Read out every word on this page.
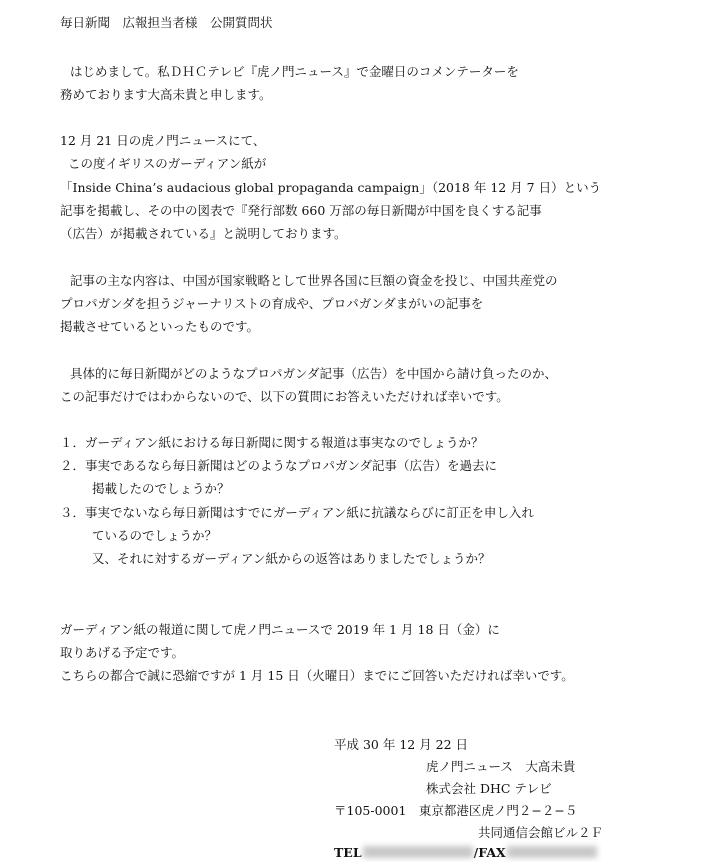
毎日新聞　広報担当者様　公開質問状
はじめまして。私ＤＨＣテレビ『虎ノ門ニュース』で金曜日のコメンテーターを
務めております大高未貴と申します。
12 月 21 日の虎ノ門ニュースにて、
この度イギリスのガーディアン紙が
「Inside China’s audacious global propaganda campaign」（2018 年 12 月 7 日）という
記事を掲載し、その中の図表で『発行部数 660 万部の毎日新聞が中国を良くする記事
（広告）が掲載されている』と説明しております。
記事の主な内容は、中国が国家戦略として世界各国に巨額の資金を投じ、中国共産党の
プロパガンダを担うジャーナリストの育成や、プロパガンダまがいの記事を
掲載させているといったものです。
具体的に毎日新聞がどのようなプロパガンダ記事（広告）を中国から請け負ったのか、
この記事だけではわからないので、以下の質問にお答えいただければ幸いです。
１．ガーディアン紙における毎日新聞に関する報道は事実なのでしょうか？
２．事実であるなら毎日新聞はどのようなプロパガンダ記事（広告）を過去に
掲載したのでしょうか？
３．事実でないなら毎日新聞はすでにガーディアン紙に抗議ならびに訂正を申し入れ
ているのでしょうか？
又、それに対するガーディアン紙からの返答はありましたでしょうか？
ガーディアン紙の報道に関して虎ノ門ニュースで 2019 年 1 月 18 日（金）に
取りあげる予定です。
こちらの都合で誠に恐縮ですが 1 月 15 日（火曜日）までにご回答いただければ幸いです。
平成 30 年 12 月 22 日
虎ノ門ニュース　大高未貴
株式会社 DHC テレビ
〒105-0001　東京都港区虎ノ門２−２−５
共同通信会館ビル２Ｆ
TEL	/FAX
